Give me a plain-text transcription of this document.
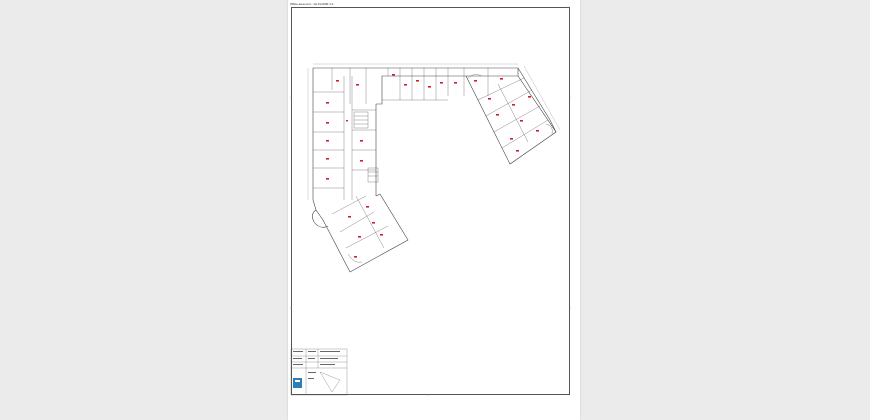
Office area rent - 1st FLOOR 1:1
